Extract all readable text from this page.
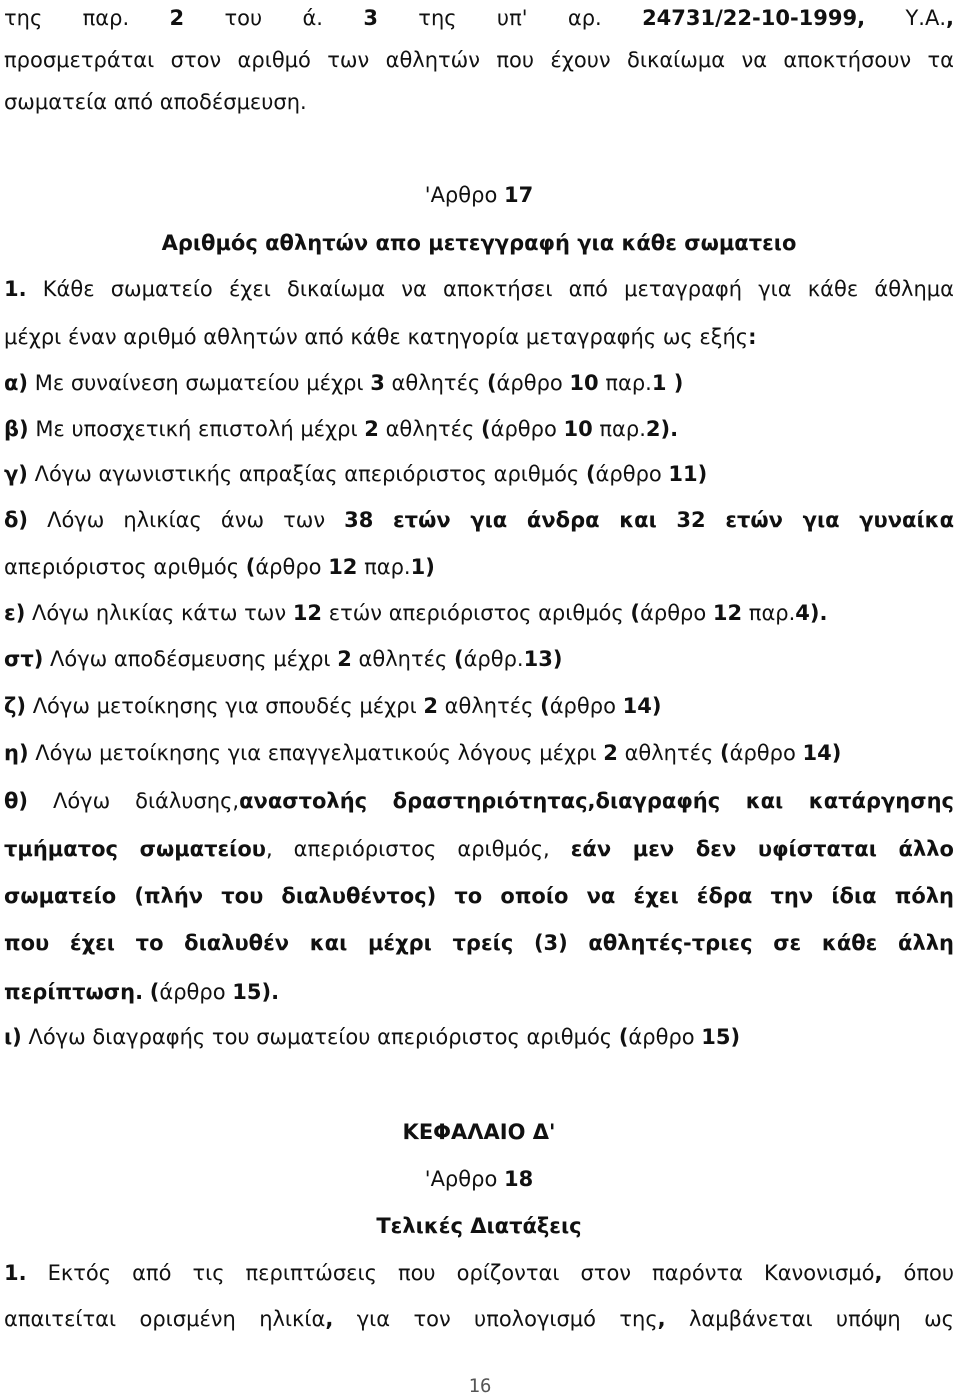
της παρ. 2 του ά. 3 της υπ' αρ. 24731/22-10-1999, Υ.Α.,
προσμετράται στον αριθμό των αθλητών που έχουν δικαίωμα να αποκτήσουν τα
σωματεία από αποδέσμευση.
'Αρθρο 17
Αριθμός αθλητών απο μετεγγραφή για κάθε σωματειο
1. Κάθε σωματείο έχει δικαίωμα να αποκτήσει από μεταγραφή για κάθε άθλημα
μέχρι έναν αριθμό αθλητών από κάθε κατηγορία μεταγραφής ως εξής:
α) Με συναίνεση σωματείου μέχρι 3 αθλητές (άρθρο 10 παρ.1 )
β) Με υποσχετική επιστολή μέχρι 2 αθλητές (άρθρο 10 παρ.2).
γ) Λόγω αγωνιστικής απραξίας απεριόριστος αριθμός (άρθρο 11)
δ) Λόγω ηλικίας άνω των 38 ετών για άνδρα και 32 ετών για γυναίκα
απεριόριστος αριθμός (άρθρο 12 παρ.1)
ε) Λόγω ηλικίας κάτω των 12 ετών απεριόριστος αριθμός (άρθρο 12 παρ.4).
στ) Λόγω αποδέσμευσης μέχρι 2 αθλητές (άρθρ.13)
ζ) Λόγω μετοίκησης για σπουδές μέχρι 2 αθλητές (άρθρο 14)
η) Λόγω μετοίκησης για επαγγελματικούς λόγους μέχρι 2 αθλητές (άρθρο 14)
θ) Λόγω διάλυσης,αναστολής δραστηριότητας,διαγραφής και κατάργησης
τμήματος σωματείου, απεριόριστος αριθμός, εάν μεν δεν υφίσταται άλλο
σωματείο (πλήν του διαλυθέντος) το οποίο να έχει έδρα την ίδια πόλη
που έχει το διαλυθέν και μέχρι τρείς (3) αθλητές-τριες σε κάθε άλλη
περίπτωση. (άρθρο 15).
ι) Λόγω διαγραφής του σωματείου απεριόριστος αριθμός (άρθρο 15)
ΚΕΦΑΛΑΙΟ Δ'
'Αρθρο 18
Τελικές Διατάξεις
1. Εκτός από τις περιπτώσεις που ορίζονται στον παρόντα Κανονισμό, όπου
απαιτείται ορισμένη ηλικία, για τον υπολογισμό της, λαμβάνεται υπόψη ως
16
